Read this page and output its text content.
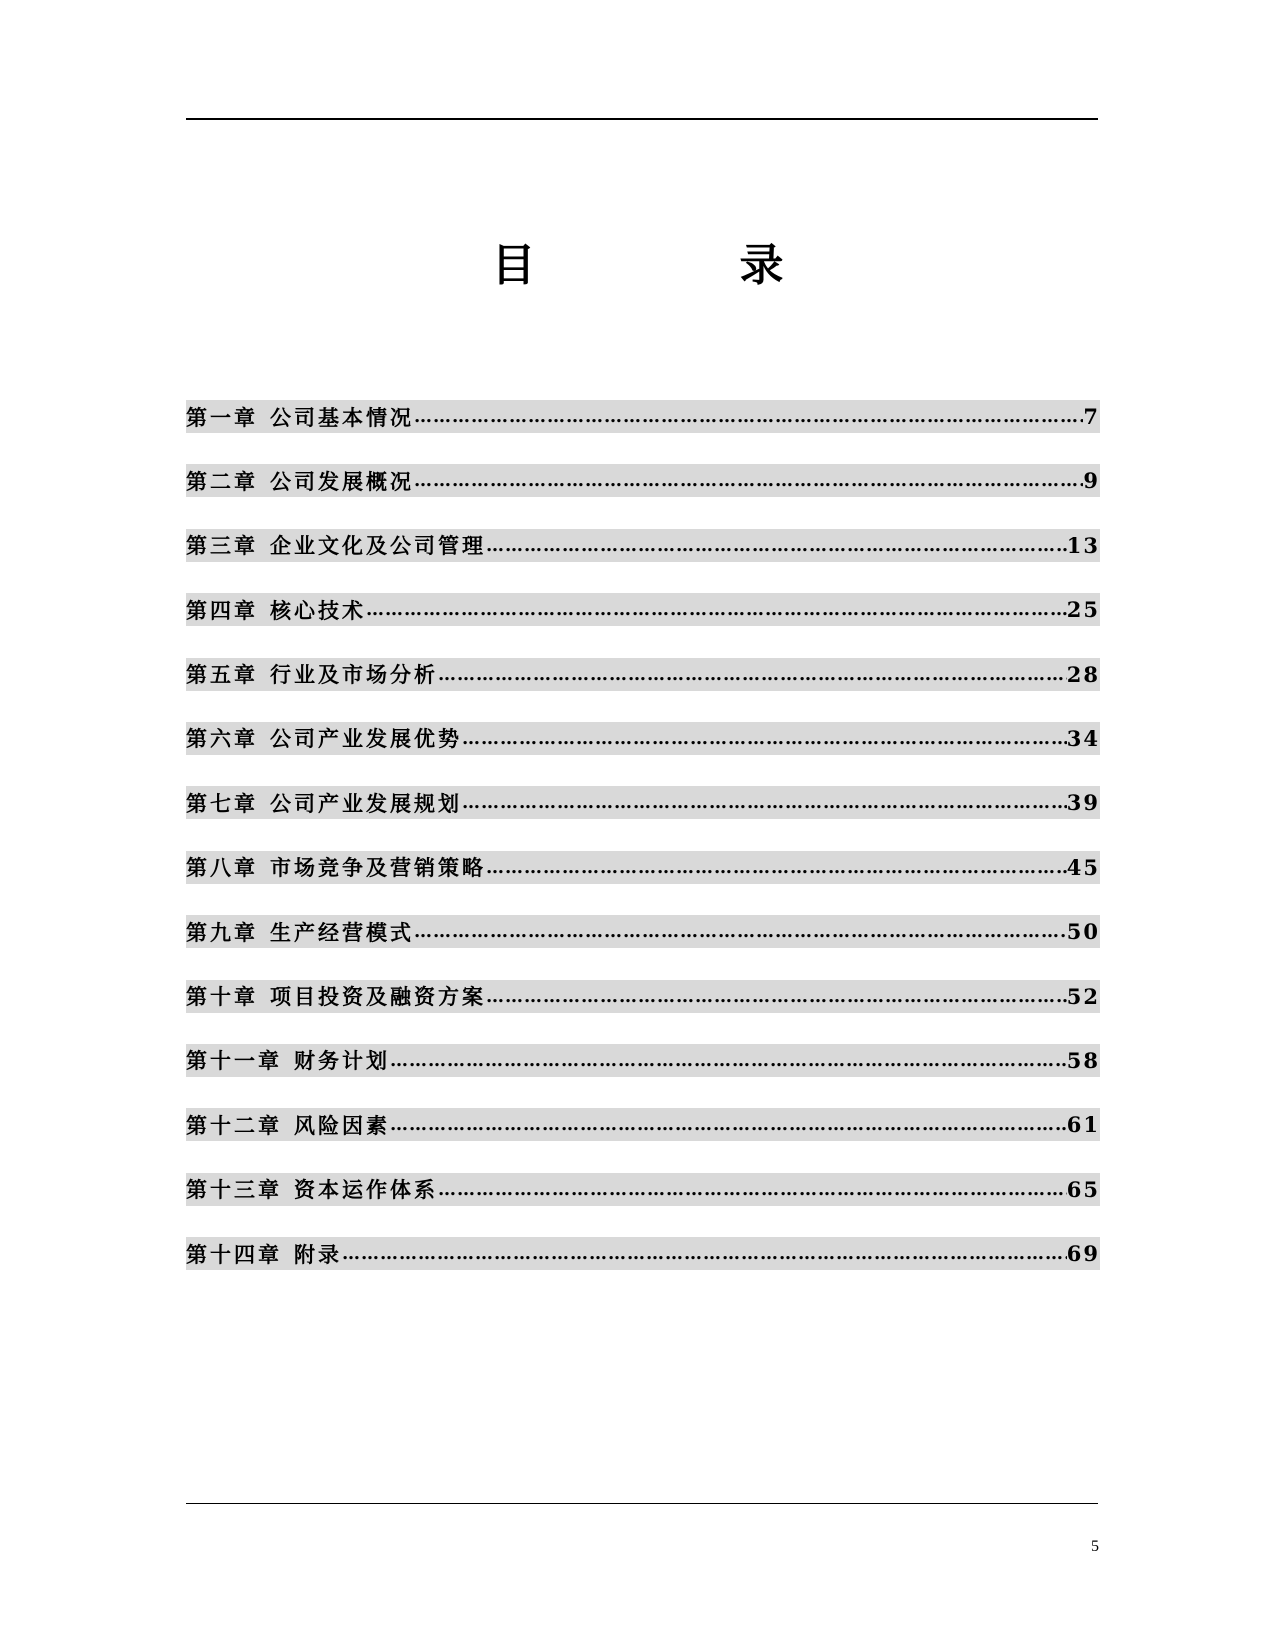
目　录
第一章 公司基本情况 …………………………………………………………………………………………………………………………………………………………………………………………………………………………	7
第二章 公司发展概况 …………………………………………………………………………………………………………………………………………………………………………………………………………………………	9
第三章 企业文化及公司管理 …………………………………………………………………………………………………………………………………………………………………………………………………………………………	13
第四章 核心技术 …………………………………………………………………………………………………………………………………………………………………………………………………………………………	25
第五章 行业及市场分析 …………………………………………………………………………………………………………………………………………………………………………………………………………………………	28
第六章 公司产业发展优势 …………………………………………………………………………………………………………………………………………………………………………………………………………………………	34
第七章 公司产业发展规划 …………………………………………………………………………………………………………………………………………………………………………………………………………………………	39
第八章 市场竞争及营销策略 …………………………………………………………………………………………………………………………………………………………………………………………………………………………	45
第九章 生产经营模式 …………………………………………………………………………………………………………………………………………………………………………………………………………………………	50
第十章 项目投资及融资方案 …………………………………………………………………………………………………………………………………………………………………………………………………………………………	52
第十一章 财务计划 …………………………………………………………………………………………………………………………………………………………………………………………………………………………	58
第十二章 风险因素 …………………………………………………………………………………………………………………………………………………………………………………………………………………………	61
第十三章 资本运作体系 …………………………………………………………………………………………………………………………………………………………………………………………………………………………	65
第十四章 附录 …………………………………………………………………………………………………………………………………………………………………………………………………………………………	69
5
